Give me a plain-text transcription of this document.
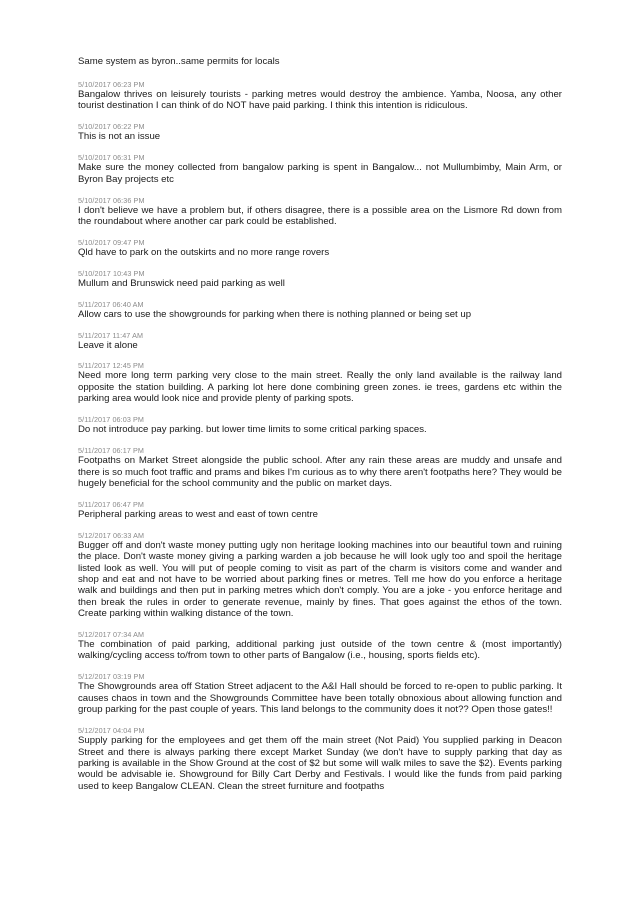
Same system as byron..same permits for locals

5/10/2017 06:23 PM

Bangalow thrives on leisurely tourists - parking metres would destroy the ambience. Yamba, Noosa, any other tourist destination I can think of do NOT have paid parking. I think this intention is ridiculous.

5/10/2017 06:22 PM

This is not an issue

5/10/2017 06:31 PM

Make sure the money collected from bangalow parking is spent in Bangalow... not Mullumbimby, Main Arm, or Byron Bay projects etc

5/10/2017 06:36 PM

I don't believe we have a problem but, if others disagree, there is a possible area on the Lismore Rd down from the roundabout where another car park could be established.

5/10/2017 09:47 PM

Qld have to park on the outskirts and no more range rovers

5/10/2017 10:43 PM

Mullum and Brunswick need paid parking as well

5/11/2017 06:40 AM

Allow cars to use the showgrounds for parking when there is nothing planned or being set up

5/11/2017 11:47 AM

Leave it alone

5/11/2017 12:45 PM

Need more long term parking very close to the main street. Really the only land available is the railway land opposite the station building. A parking lot here done combining green zones. ie trees, gardens etc within the parking area would look nice and provide plenty of parking spots.

5/11/2017 06:03 PM

Do not introduce pay parking. but lower time limits to some critical parking spaces.

5/11/2017 06:17 PM

Footpaths on Market Street alongside the public school. After any rain these areas are muddy and unsafe and there is so much foot traffic and prams and bikes I'm curious as to why there aren't footpaths here? They would be hugely beneficial for the school community and the public on market days.

5/11/2017 06:47 PM

Peripheral parking areas to west and east of town centre

5/12/2017 06:33 AM

Bugger off and don't waste money putting ugly non heritage looking machines into our beautiful town and ruining the place. Don't waste money giving a parking warden a job because he will look ugly too and spoil the heritage listed look as well. You will put of people coming to visit as part of the charm is visitors come and wander and shop and eat and not have to be worried about parking fines or metres. Tell me how do you enforce a heritage walk and buildings and then put in parking metres which don't comply. You are a joke - you enforce heritage and then break the rules in order to generate revenue, mainly by fines. That goes against the ethos of the town. Create parking within walking distance of the town.

5/12/2017 07:34 AM

The combination of paid parking, additional parking just outside of the town centre & (most importantly) walking/cycling access to/from town to other parts of Bangalow (i.e., housing, sports fields etc).

5/12/2017 03:19 PM

The Showgrounds area off Station Street adjacent to the A&I Hall should be forced to re-open to public parking. It causes chaos in town and the Showgrounds Committee have been totally obnoxious about allowing function and group parking for the past couple of years. This land belongs to the community does it not?? Open those gates!!

5/12/2017 04:04 PM

Supply parking for the employees and get them off the main street (Not Paid) You supplied parking in Deacon Street and there is always parking there except Market Sunday (we don't have to supply parking that day as parking is available in the Show Ground at the cost of $2 but some will walk miles to save the $2). Events parking would be advisable ie. Showground for Billy Cart Derby and Festivals. I would like the funds from paid parking used to keep Bangalow CLEAN. Clean the street furniture and footpaths
